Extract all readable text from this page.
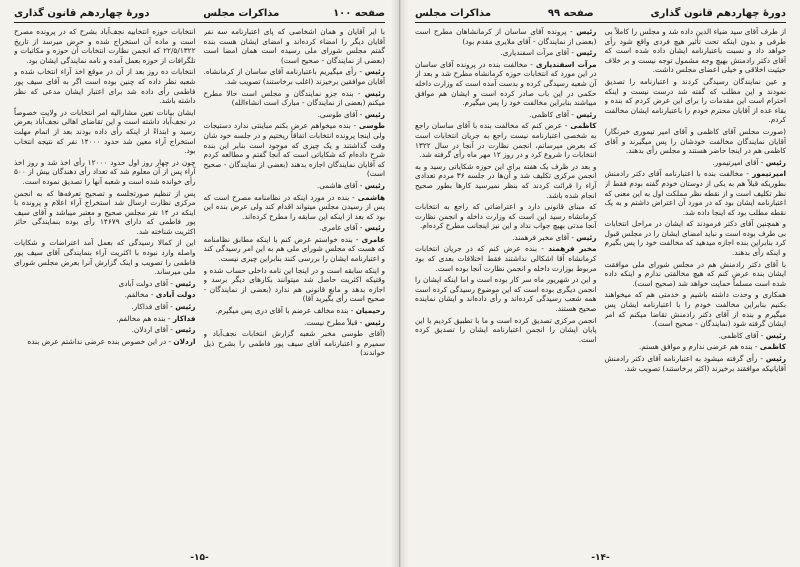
صفحه ۱۰۰
مذاکرات مجلس
دورۀ چهاردهم قانون گذاری

با ایر آقایان و همان اشخاصی که پای اعتبارنامه سه نفر آقایان دیگر را امضاء کرده‌اند و امضای ایشان هست بنده گفتم مجلس شورای ملی رسیده است همان امضا است (بعضی از نمایندگان - صحیح است)

رئیس - رأی میگیریم باعتبارنامه آقای ساسان از کرمانشاه. آقایان موافقین برخیزند (اغلب برخاستند) تصویب شد.

رئیس - بنده جزو نمایندگان و مجلس است حالا مطرح میکنم (بعضی از نمایندگان - مبارک است انشاءالله)

رئیس - آقای طوسی.

طوسی - بنده میخواهم عرض بکنم مباینتی ندارد دستیجات ولی اینجا پرونده انتخابات اتفاقاً ریختیم و در جلسه خود شان وقت گذاشتند و یک چیزی که موجود است بنابر این بنده شرح داده‌ام که شکایاتی است که آنجا گفتم و مطالعه کردم که آقایان نمایندگان اجازه بدهند (بعضی از نمایندگان - صحیح است)

رئیس - آقای هاشمی.

هاشمی - بنده در مورد اینکه در نظامنامه مصرح است که پس از رسیدن مجلس میتواند اقدام کند ولی عرض بنده این بود که بعد از اینکه این سابقه را مطرح کرده‌اند.

رئیس - آقای عامری.

عامری - بنده خواستم عرض کنم با اینکه مطابق نظامنامه که هست که مجلس شورای ملی هم به این امر رسیدگی کند و اعتبارنامه ایشان را بررسی کنند بنابراین چیزی نیست.

و اینکه سابقه است و در اینجا این نامه داخلی حساب شده و وقتیکه اکثریت حاصل شد میتوانند بکارهای دیگر برسد و اجازه بدهد و مانع قانونی هم ندارد (بعضی از نمایندگان - صحیح است رأی بگیرید آقا)

رحیمیان - بنده مخالف عرضم با آقای دری پس میگیرم.

رئیس - قبلاً مطرح نیست.

(آقای طوسی مخبر شعبه گزارش انتخابات نجف‌آباد و سمیرم و اعتبارنامه آقای سیف پور فاطمی را بشرح ذیل خواندند)

انتخابات حوزه انتخابیه نجف‌آباد بشرح که در پرونده مصرح است و ماده آن استخراج شده و حرض میرسد از تاریخ ۲۲/۵/۱۳۲۲ که انجمن نظارت انتخابات آن حوزه و مکاتبات و تلگرافات از حوزه بعمل آمده و نامه نمایندگی ایشان بود.

انتخابات ده روز بعد از آن در موقع اخذ آراء انتخاب شده و شعبه نظر داده که چنین بوده است اگر به آقای سیف پور فاطمی رأی داده شد برای اعتبار ایشان مدعی که نظر داشته باشد.

ایشان بیانات تعین مشارالیه امر انتخابات در ولایت خصوصاً در نجف‌آباد داشته است و این تقاضای اهالی نجف‌آباد بعرض رسید و ابتداءً از اینکه رأی داده بودند بعد از اتمام مهلت استخراج آراء معین شد حدود ۱۴۰۰۰ نفر که نتیجه انتخاب بود.

چون در چهار روز اول حدود ۱۲۰۰۰ رأی اخذ شد و روز اخذ آراء پس از آن معلوم شد که تعداد رأی دهندگان بیش از ۵۰۰ رأی خوانده شده است و شعبه آنها را تصدیق نموده است.

پس از تنظیم صورتجلسه و تصحیح تعرفه‌ها که به انجمن مرکزی نظارت ارسال شد استخراج آراء اعلام و پرونده با اینکه در ۱۴ نفر مجلس صحیح و معتبر میباشد و آقای سیف پور فاطمی که دارای ۱۴۶۷۹ رأی بوده بنمایندگی حائز اکثریت شناخته شد.

این از کمالا رسیدگی که بعمل آمد اعتراضات و شکایات واصله وارد نبوده با اکثریت آراء بنمایندگی آقای سیف پور فاطمی را تصویب و اینک گزارش آنرا بعرض مجلس شورای ملی میرساند.

رئیس - آقای دولت آبادی

دولت آبادی - مخالفم.

رئیس - آقای فداکار.

فداکار - بنده هم مخالفم.

رئیس - آقای اردلان.

اردلان - در این خصوص بنده عرضی نداشتم عرض بنده

-۱۵-
دورۀ چهاردهم قانون گذاری
صفحه ۹۹
مذاکرات مجلس

از طرف آقای سید ضیاء الدین داده شد و مجلس را کاملاً بی طرفی و بدون اینکه تحت تأثیر هیچ فردی واقع شود رأی خواهد داد و نسبت باعتبارنامه ایشان داده شده است که آقای دکتر رادمنش بهیچ وجه مشمول توجه نیست و بر خلاف حیثیت اخلاقی و خیلی اعضای مجلس داشت.

و عین نمایندگان رسیدگی کردند و اعتبارنامه را تصدیق نمودند و این مطلب که گفته شد درست نیست و اینکه احترام است این مقدمات را برای این عرض کردم که بنده و بقاء عده از آقایان محترم خودم را باعتبارنامه ایشان مخالفت کردم.

(صورت مجلس آقای کاظمی و آقای امیر تیموری خبرنگار) آقایان نمایندگان مخالفت خودشان را پس میگیرند و آقای کاظمی هم در اینجا حاضر هستند و مجلس رأی بدهند.

رئیس - آقای امیرتیمور.

امیرتیمور - مخالفت بنده با اعتبارنامه آقای دکتر رادمنش بطوریکه قبلاً هم به یکی از دوستان خودم گفته بودم فقط از نظر تکلیف است و از نقطه نظر مملکت اول به این معنی که اعتبارنامه ایشان بود که در مورد آن اعتراض داشتم و به یک نقطه مطلب بود که اینجا داده شد.

و همچنین آقای دکتر فرمودند که ایشان در مراحل انتخابات بی طرف بوده است و نباید امضای ایشان را در مجلس قبول کرد بنابراین بنده اجازه میدهید که مخالفت خود را پس بگیرم و اینکه رأی بدهند.

با آقای دکتر رادمنش هم در مجلس شورای ملی موافقت ایشان بنده عرض کنم که هیچ مخالفتی ندارم و اینکه داده شده است مسلماً حمایت خواهد شد (صحیح است).

همکاری و وحدت داشته باشیم و خدمتی هم که میخواهند بکنیم بنابراین مخالفت خودم را با اعتبارنامه ایشان پس میگیرم و بنده از آقای دکتر رادمنش تقاضا میکنم که امر ایشان گرفته شود (نمایندگان - صحیح است).

رئیس - آقای کاظمی.

کاظمی - بنده هم عرضی ندارم و موافق هستم.

رئیس - رأی گرفته میشود به اعتبارنامه آقای دکتر رادمنش آقایانیکه موافقند برخیزند (اکثر برخاستند) تصویب شد.

رئیس - پرونده آقای ساسان از کرمانشاهان مطرح است (بعضی از نمایندگان - آقای ملایری مقدم بود)

رئیس - آقای مرآت اسفندیاری.

مرآت اسفندیاری - مخالفت بنده در پرونده آقای ساسان در این مورد که انتخابات حوزه کرمانشاه مطرح شد و بعد از آن شعبه رسیدگی کرده و بدست آمده است که وزارت داخله حکمی در این باب صادر کرده است و ایشان هم موافق میباشند بنابراین مخالفت خود را پس میگیرم.

رئیس - آقای کاظمی.

کاظمی - عرض کنم که مخالفت بنده با آقای ساسان راجع به شخصی اعتبارنامه نیست راجع به جریان انتخابات است که بعرض میرسانم، انجمن نظارت در آنجا در سال ۱۳۲۲ انتخابات را شروع کرد و در روز ۱۲ مهر ماه رأی گرفته شد.

و بعد در ظرف یک هفته برای این حوزه شکایاتی رسید و به انجمن مرکزی تکلیف شد و آن‌ها در جلسه ۳۶ مردم تعدادی آراء را قرائت کردند که بنظر نمیرسید کارها بطور صحیح انجام شده باشد.

که مبنای قانونی دارد و اعتراضاتی که راجع به انتخابات کرمانشاه رسید این است که وزارت داخله و انجمن نظارت آنجا مدتی بهیچ جواب نداد و این نیز اینجانب مطرح کرده‌ام.

رئیس - آقای مخبر فرهمند.

مخبر فرهمند - بنده عرض کنم که در جریان انتخابات کرمانشاه آقا اشکالی نداشتند فقط اختلافات بعدی که بود مربوط بوزارت داخله و انجمن نظارت آنجا بوده است.

و این در شهریور ماه سر کار بوده است و اما اینکه ایشان را انجمن دیگری بوده است که این موضوع رسیدگی کرده است همه شعب رسیدگی کرده‌اند و رأی داده‌اند و ایشان نماینده صحیح هستند.

انجمن مرکزی تصدیق کرده است و ما با تطبیق کردیم با این پایان ایشان را انجمن اعتبارنامه ایشان را تصدیق کرده است.

-۱۴-
